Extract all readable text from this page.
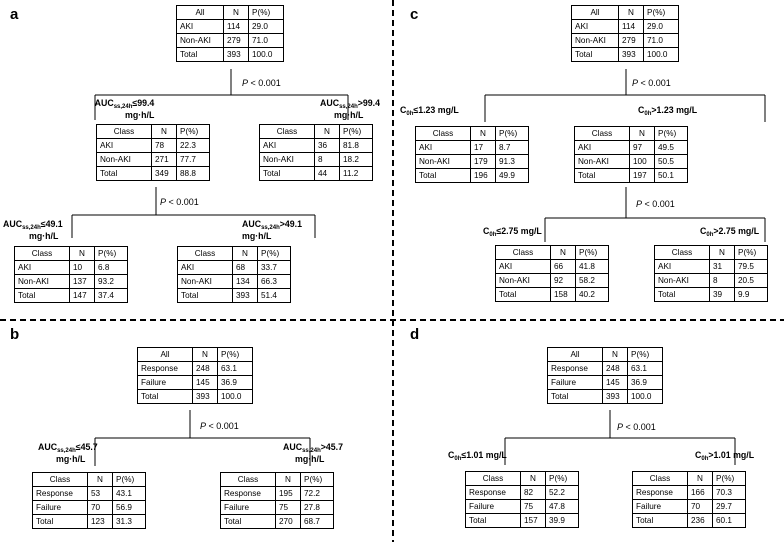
a	All	N	P(%)
AKI	114	29.0
Non-AKI	279	71.0
Total	393	100.0
P < 0.001
$AUC_{ss,24h}\le 99.4$
mg·h/L
$AUC_{ss,24h}>99.4$
mg·h/L
Class	N	P(%)
AKI	78	22.3
Non-AKI	271	77.7
Total	349	88.8
Class	N	P(%)
AKI	36	81.8
Non-AKI	8	18.2
Total	44	11.2
P < 0.001
$AUC_{ss,24h}\le 49.1$
mg·h/L
$AUC_{ss,24h}>49.1$
mg·h/L
Class	N	P(%)
AKI	10	6.8
Non-AKI	137	93.2
Total	147	37.4
Class	N	P(%)
AKI	68	33.7
Non-AKI	134	66.3
Total	393	51.4
b
All	N	P(%)
Response	248	63.1
Failure	145	36.9
Total	393	100.0
P < 0.001
$AUC_{ss,24h}\le 45.7$
mg·h/L
$AUC_{ss,24h}>45.7$
mg·h/L
Class	N	P(%)
Response	53	43.1
Failure	70	56.9
Total	123	31.3
Class	N	P(%)
Response	195	72.2
Failure	75	27.8
Total	270	68.7
c	All	N	P(%)
AKI	114	29.0
Non-AKI	279	71.0
Total	393	100.0
P < 0.001
$C_{0h}\le 1.23$ mg/L	$C_{0h}>1.23$ mg/L
Class	N	P(%)
AKI	17	8.7
Non-AKI	179	91.3
Total	196	49.9
Class	N	P(%)
AKI	97	49.5
Non-AKI	100	50.5
Total	197	50.1
P < 0.001
$C_{0h}\le 2.75$ mg/L	$C_{0h}>2.75$ mg/L
Class	N	P(%)
AKI	66	41.8
Non-AKI	92	58.2
Total	158	40.2
Class	N	P(%)
AKI	31	79.5
Non-AKI	8	20.5
Total	39	9.9
d
All	N	P(%)
Response	248	63.1
Failure	145	36.9
Total	393	100.0
P < 0.001
$C_{0h}\le 1.01$ mg/L	$C_{0h}>1.01$ mg/L
Class	N	P(%)
Response	82	52.2
Failure	75	47.8
Total	157	39.9
Class	N	P(%)
Response	166	70.3
Failure	70	29.7
Total	236	60.1
